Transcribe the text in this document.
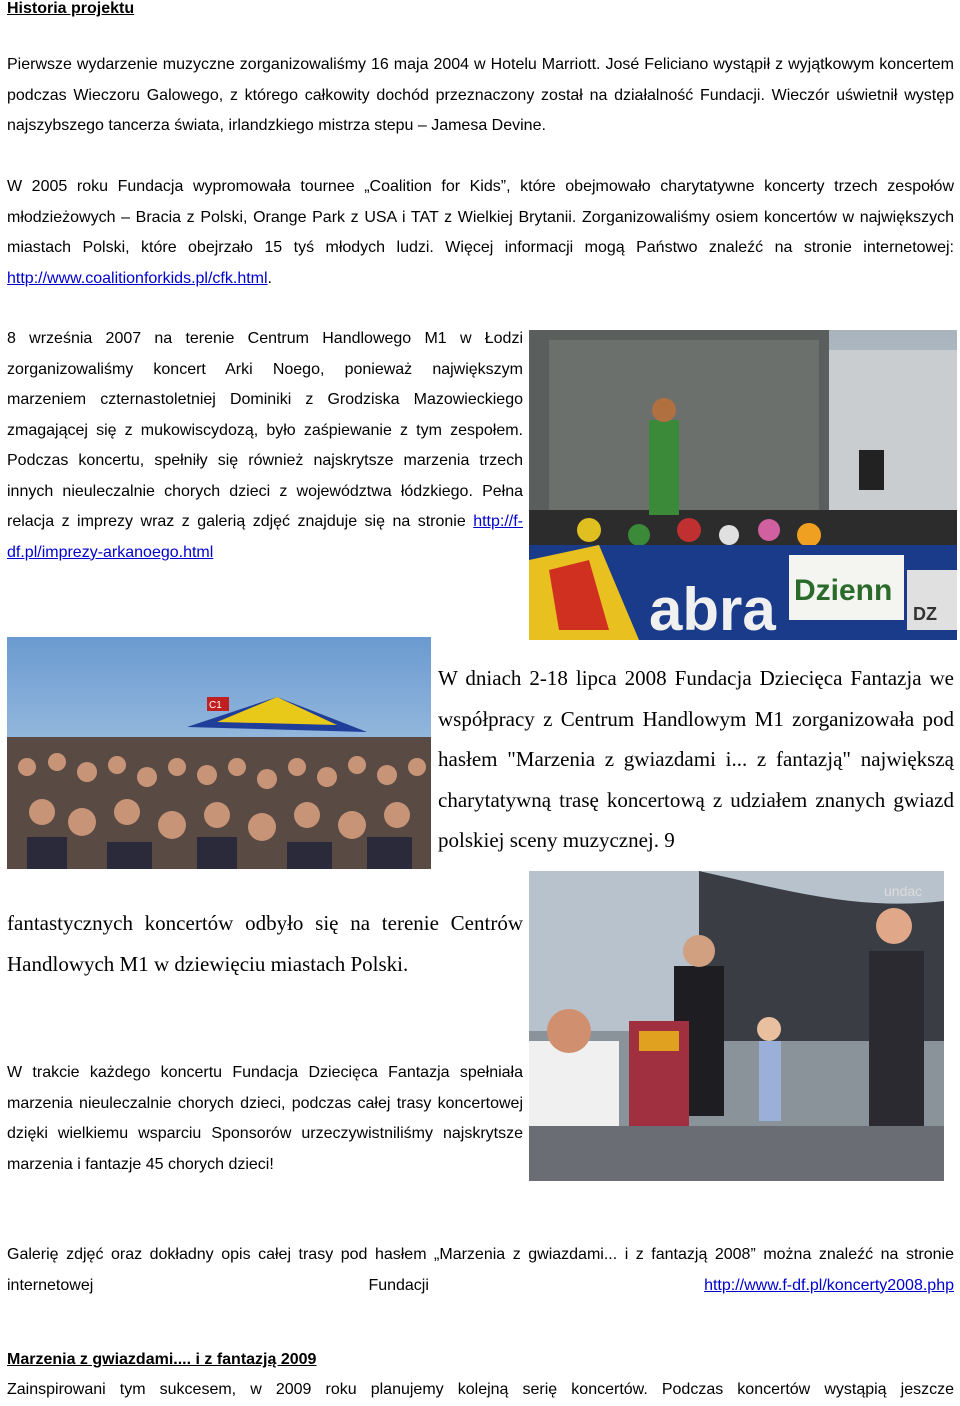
Historia projektu
Pierwsze wydarzenie muzyczne zorganizowaliśmy 16 maja 2004 w Hotelu Marriott. José Feliciano wystąpił z wyjątkowym koncertem podczas Wieczoru Galowego, z którego całkowity dochód przeznaczony został na działalność Fundacji. Wieczór uświetnił występ najszybszego tancerza świata, irlandzkiego mistrza stepu – Jamesa Devine.
W 2005 roku Fundacja wypromowała tournee „Coalition for Kids”, które obejmowało charytatywne koncerty trzech zespołów młodzieżowych – Bracia z Polski, Orange Park z USA i TAT z Wielkiej Brytanii. Zorganizowaliśmy osiem koncertów w największych miastach Polski, które obejrzało 15 tyś młodych ludzi. Więcej informacji mogą Państwo znaleźć na stronie internetowej: http://www.coalitionforkids.pl/cfk.html.
8 września 2007 na terenie Centrum Handlowego M1 w Łodzi zorganizowaliśmy koncert Arki Noego, ponieważ największym marzeniem czternastoletniej Dominiki z Grodziska Mazowieckiego zmagającej się z mukowiscydozą, było zaśpiewanie z tym zespołem. Podczas koncertu, spełniły się również najskrytsze marzenia trzech innych nieuleczalnie chorych dzieci z województwa łódzkiego. Pełna relacja z imprezy wraz z galerią zdjęć znajduje się na stronie http://f-df.pl/imprezy-arkanoego.html
abra Dzienn
DZ
C1
W dniach 2-18 lipca 2008 Fundacja Dziecięca Fantazja we współpracy z Centrum Handlowym M1 zorganizowała pod hasłem "Marzenia z gwiazdami i... z fantazją" największą charytatywną trasę koncertową z udziałem znanych gwiazd polskiej sceny muzycznej. 9
undac
fantastycznych koncertów odbyło się na terenie Centrów Handlowych M1 w dziewięciu miastach Polski.
W trakcie każdego koncertu Fundacja Dziecięca Fantazja spełniała marzenia nieuleczalnie chorych dzieci, podczas całej trasy koncertowej dzięki wielkiemu wsparciu Sponsorów urzeczywistniliśmy najskrytsze marzenia i fantazje 45 chorych dzieci!
Galerię zdjęć oraz dokładny opis całej trasy pod hasłem „Marzenia z gwiazdami... i z fantazją 2008” można znaleźć na stronie internetowej Fundacji http://www.f-df.pl/koncerty2008.php
Marzenia z gwiazdami.... i z fantazją 2009
Zainspirowani tym sukcesem, w 2009 roku planujemy kolejną serię koncertów. Podczas koncertów wystąpią jeszcze
